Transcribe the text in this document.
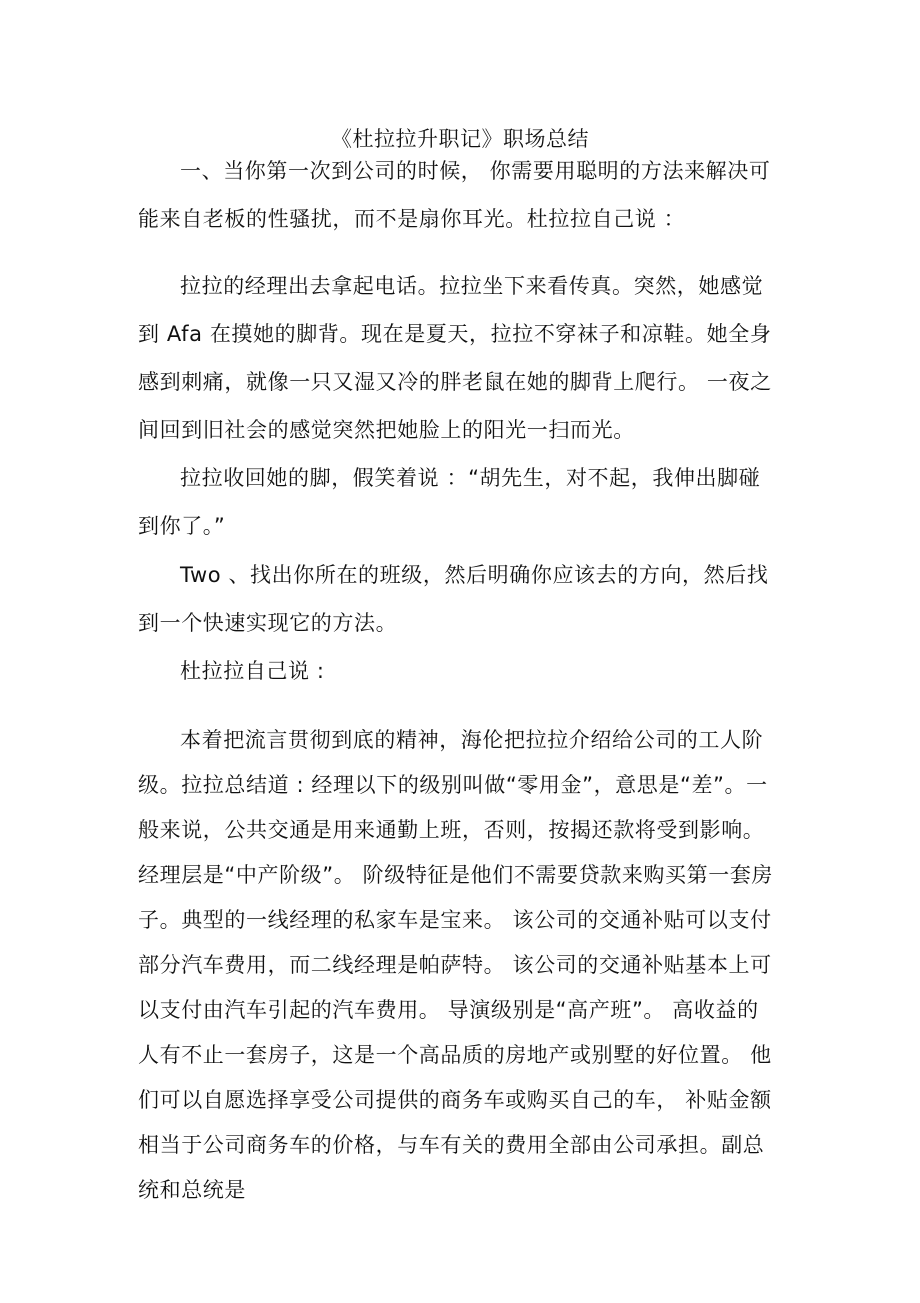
《杜拉拉升职记》职场总结

一、当你第一次到公司的时候， 你需要用聪明的方法来解决可能来自老板的性骚扰，而不是扇你耳光。杜拉拉自己说 ：

拉拉的经理出去拿起电话。拉拉坐下来看传真。突然，她感觉到 Afa 在摸她的脚背。现在是夏天，拉拉不穿袜子和凉鞋。她全身感到刺痛，就像一只又湿又冷的胖老鼠在她的脚背上爬行。 一夜之间回到旧社会的感觉突然把她脸上的阳光一扫而光。

拉拉收回她的脚，假笑着说 ：“胡先生，对不起，我伸出脚碰到你了。”

Two 、找出你所在的班级，然后明确你应该去的方向，然后找到一个快速实现它的方法。

杜拉拉自己说 :

本着把流言贯彻到底的精神，海伦把拉拉介绍给公司的工人阶级。拉拉总结道 : 经理以下的级别叫做“零用金”，意思是“差”。一般来说，公共交通是用来通勤上班，否则，按揭还款将受到影响。经理层是“中产阶级”。 阶级特征是他们不需要贷款来购买第一套房子。典型的一线经理的私家车是宝来。 该公司的交通补贴可以支付部分汽车费用，而二线经理是帕萨特。 该公司的交通补贴基本上可以支付由汽车引起的汽车费用。 导演级别是“高产班”。 高收益的人有不止一套房子，这是一个高品质的房地产或别墅的好位置。 他们可以自愿选择享受公司提供的商务车或购买自己的车， 补贴金额相当于公司商务车的价格，与车有关的费用全部由公司承担。副总统和总统是
